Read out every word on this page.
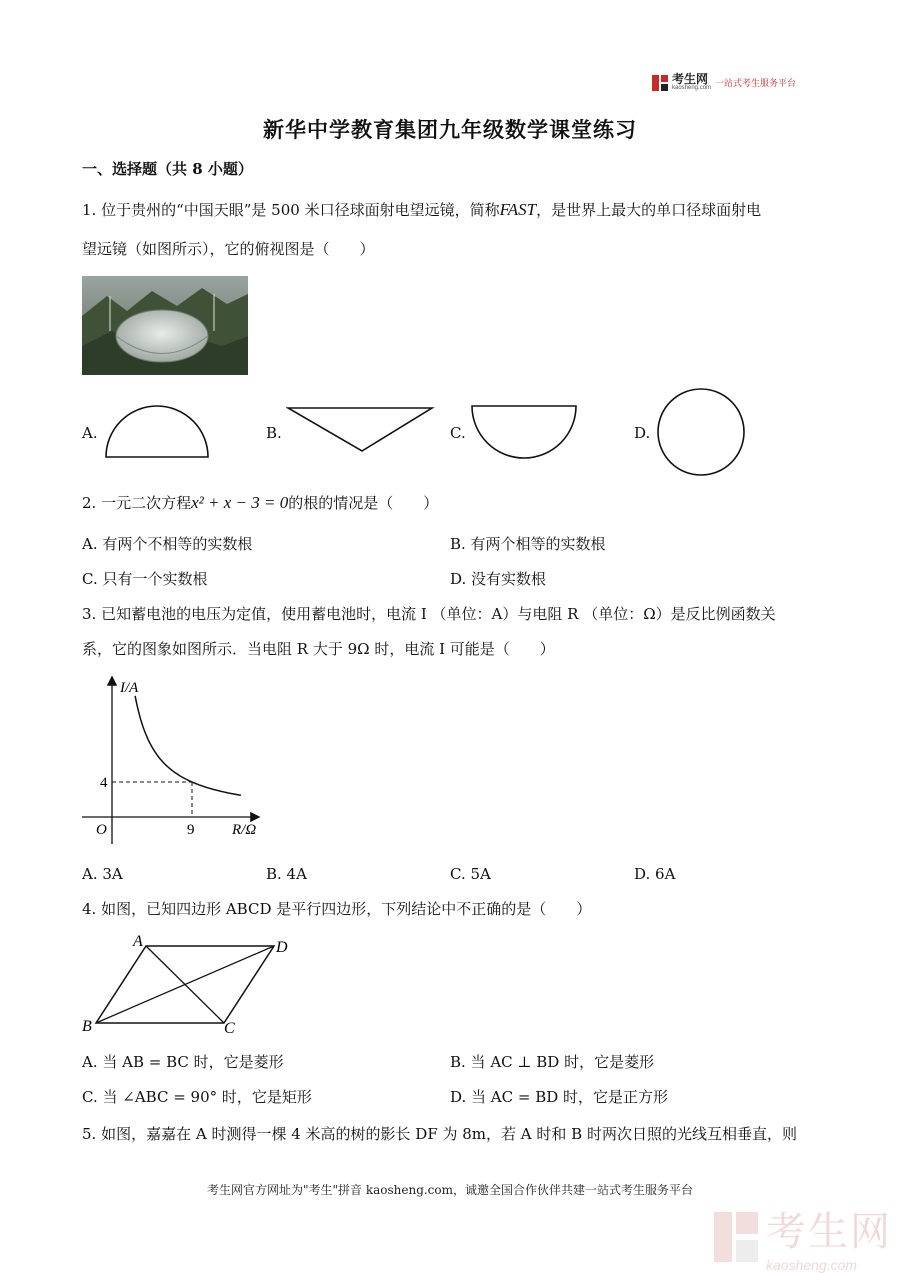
考生网
kaosheng.com 一站式考生服务平台
新华中学教育集团九年级数学课堂练习
一、选择题（共 8 小题）
1. 位于贵州的“中国天眼”是 500 米口径球面射电望远镜，简称FAST，是世界上最大的单口径球面射电
望远镜（如图所示），它的俯视图是（　　）
A.	B.	C.	D.
2. 一元二次方程x² + x − 3 = 0的根的情况是（　　）
A. 有两个不相等的实数根	B. 有两个相等的实数根
C. 只有一个实数根	D. 没有实数根
3. 已知蓄电池的电压为定值，使用蓄电池时，电流 I （单位：A）与电阻 R （单位：Ω）是反比例函数关
系，它的图象如图所示．当电阻 R 大于 9Ω 时，电流 I 可能是（　　）
I/A
R/Ω
O
4
9
A. 3A	B. 4A	C. 5A	D. 6A
4. 如图，已知四边形 ABCD 是平行四边形，下列结论中不正确的是（　　）
A	D
B	C
A. 当 AB = BC 时，它是菱形	B. 当 AC ⊥ BD 时，它是菱形
C. 当 ∠ABC = 90° 时，它是矩形	D. 当 AC = BD 时，它是正方形
5. 如图，嘉嘉在 A 时测得一棵 4 米高的树的影长 DF 为 8m，若 A 时和 B 时两次日照的光线互相垂直，则
考生网官方网址为"考生"拼音 kaosheng.com，诚邀全国合作伙伴共建一站式考生服务平台
考生网
kaosheng.com
